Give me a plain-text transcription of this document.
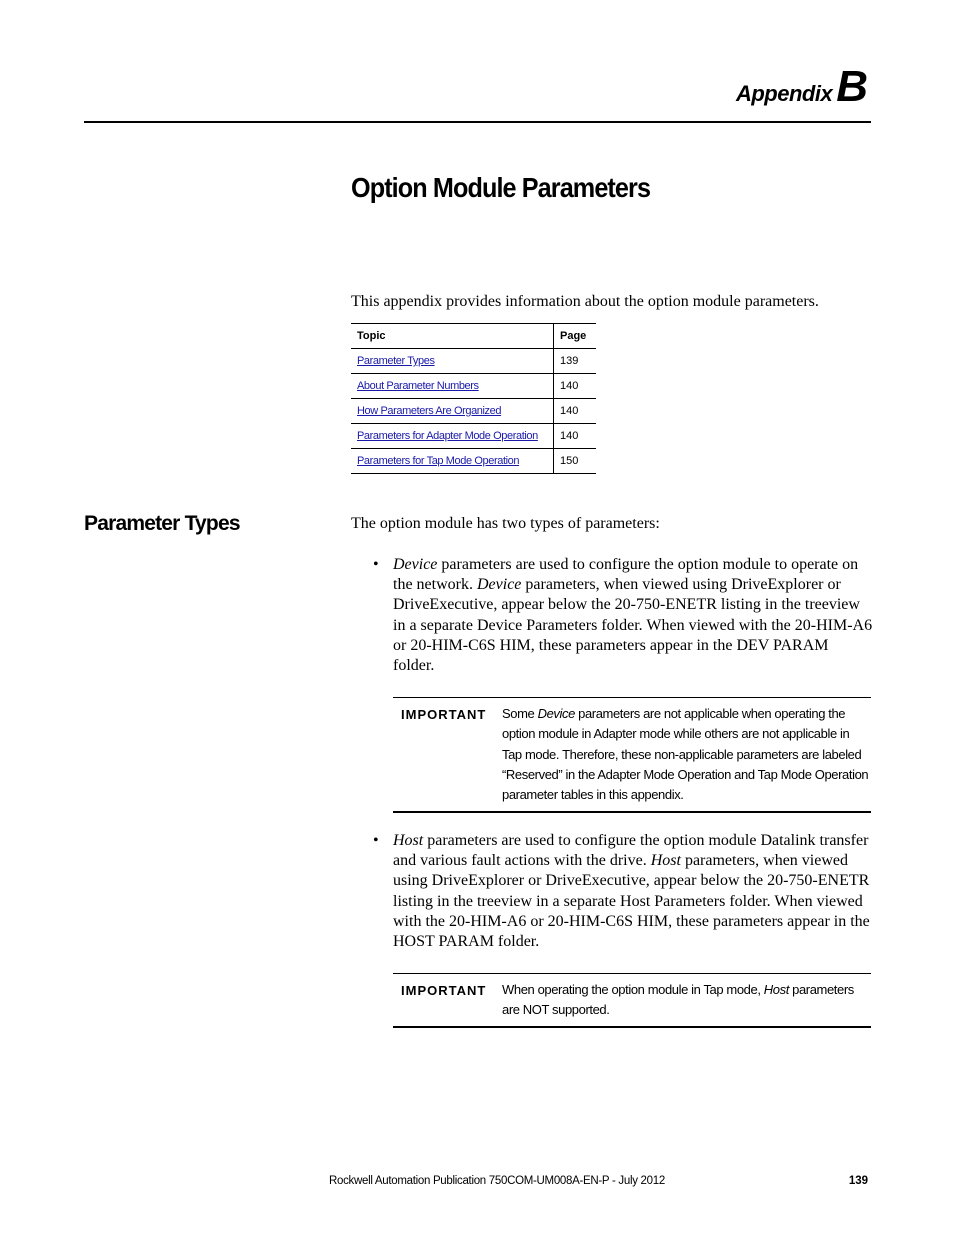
AppendixB
Option Module Parameters

This appendix provides information about the option module parameters.

Topic	Page
Parameter Types	139
About Parameter Numbers	140
How Parameters Are Organized	140
Parameters for Adapter Mode Operation	140
Parameters for Tap Mode Operation	150
Parameter Types	The option module has two types of parameters:

• Device parameters are used to configure the option module to operate on the network. Device parameters, when viewed using DriveExplorer or DriveExecutive, appear below the 20-750-ENETR listing in the treeview in a separate Device Parameters folder. When viewed with the 20-HIM-A6 or 20-HIM-C6S HIM, these parameters appear in the DEV PARAM folder.

IMPORTANT Some Device parameters are not applicable when operating the option module in Adapter mode while others are not applicable in Tap mode. Therefore, these non-applicable parameters are labeled “Reserved” in the Adapter Mode Operation and Tap Mode Operation parameter tables in this appendix.

• Host parameters are used to configure the option module Datalink transfer and various fault actions with the drive. Host parameters, when viewed using DriveExplorer or DriveExecutive, appear below the 20-750-ENETR listing in the treeview in a separate Host Parameters folder. When viewed with the 20-HIM-A6 or 20-HIM-C6S HIM, these parameters appear in the HOST PARAM folder.

IMPORTANT When operating the option module in Tap mode, Host parameters are NOT supported.

Rockwell Automation Publication 750COM-UM008A-EN-P - July 2012	139
